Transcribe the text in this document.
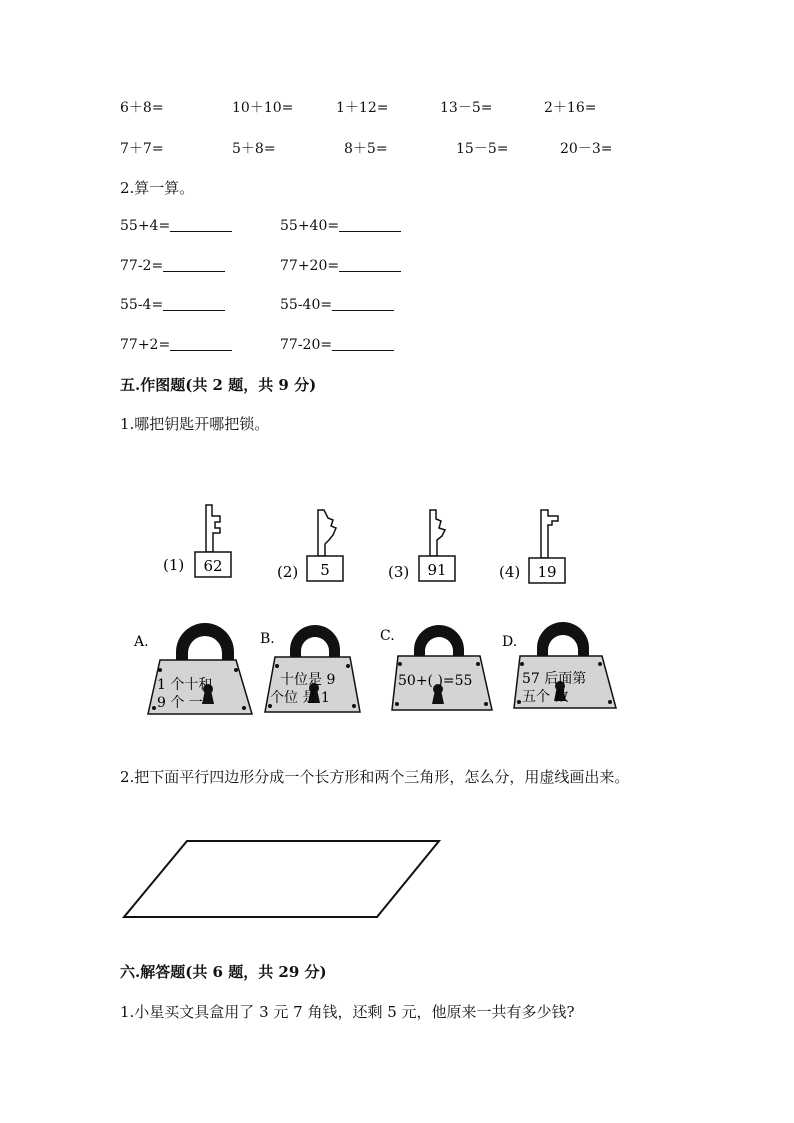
6＋8=	10＋10=	1＋12=	13－5=	2＋16=
7＋7=	5＋8=	8＋5=	15－5=	20－3=
2.算一算。
55+4=	55+40=
77-2=	77+20=
55-4=	55-40=
77+2=	77-20=
五.作图题(共 2 题，共 9 分)
1.哪把钥匙开哪把锁。
(1) 62	(2) 5	(3) 91	(4) 19
A.
1 个十和
9 个 一
B.
十位是 9
个位 是 1
C.
50+( )=55
D.
57 后面第
五个 数
2.把下面平行四边形分成一个长方形和两个三角形，怎么分，用虚线画出来。
六.解答题(共 6 题，共 29 分)
1.小星买文具盒用了 3 元 7 角钱，还剩 5 元，他原来一共有多少钱?
